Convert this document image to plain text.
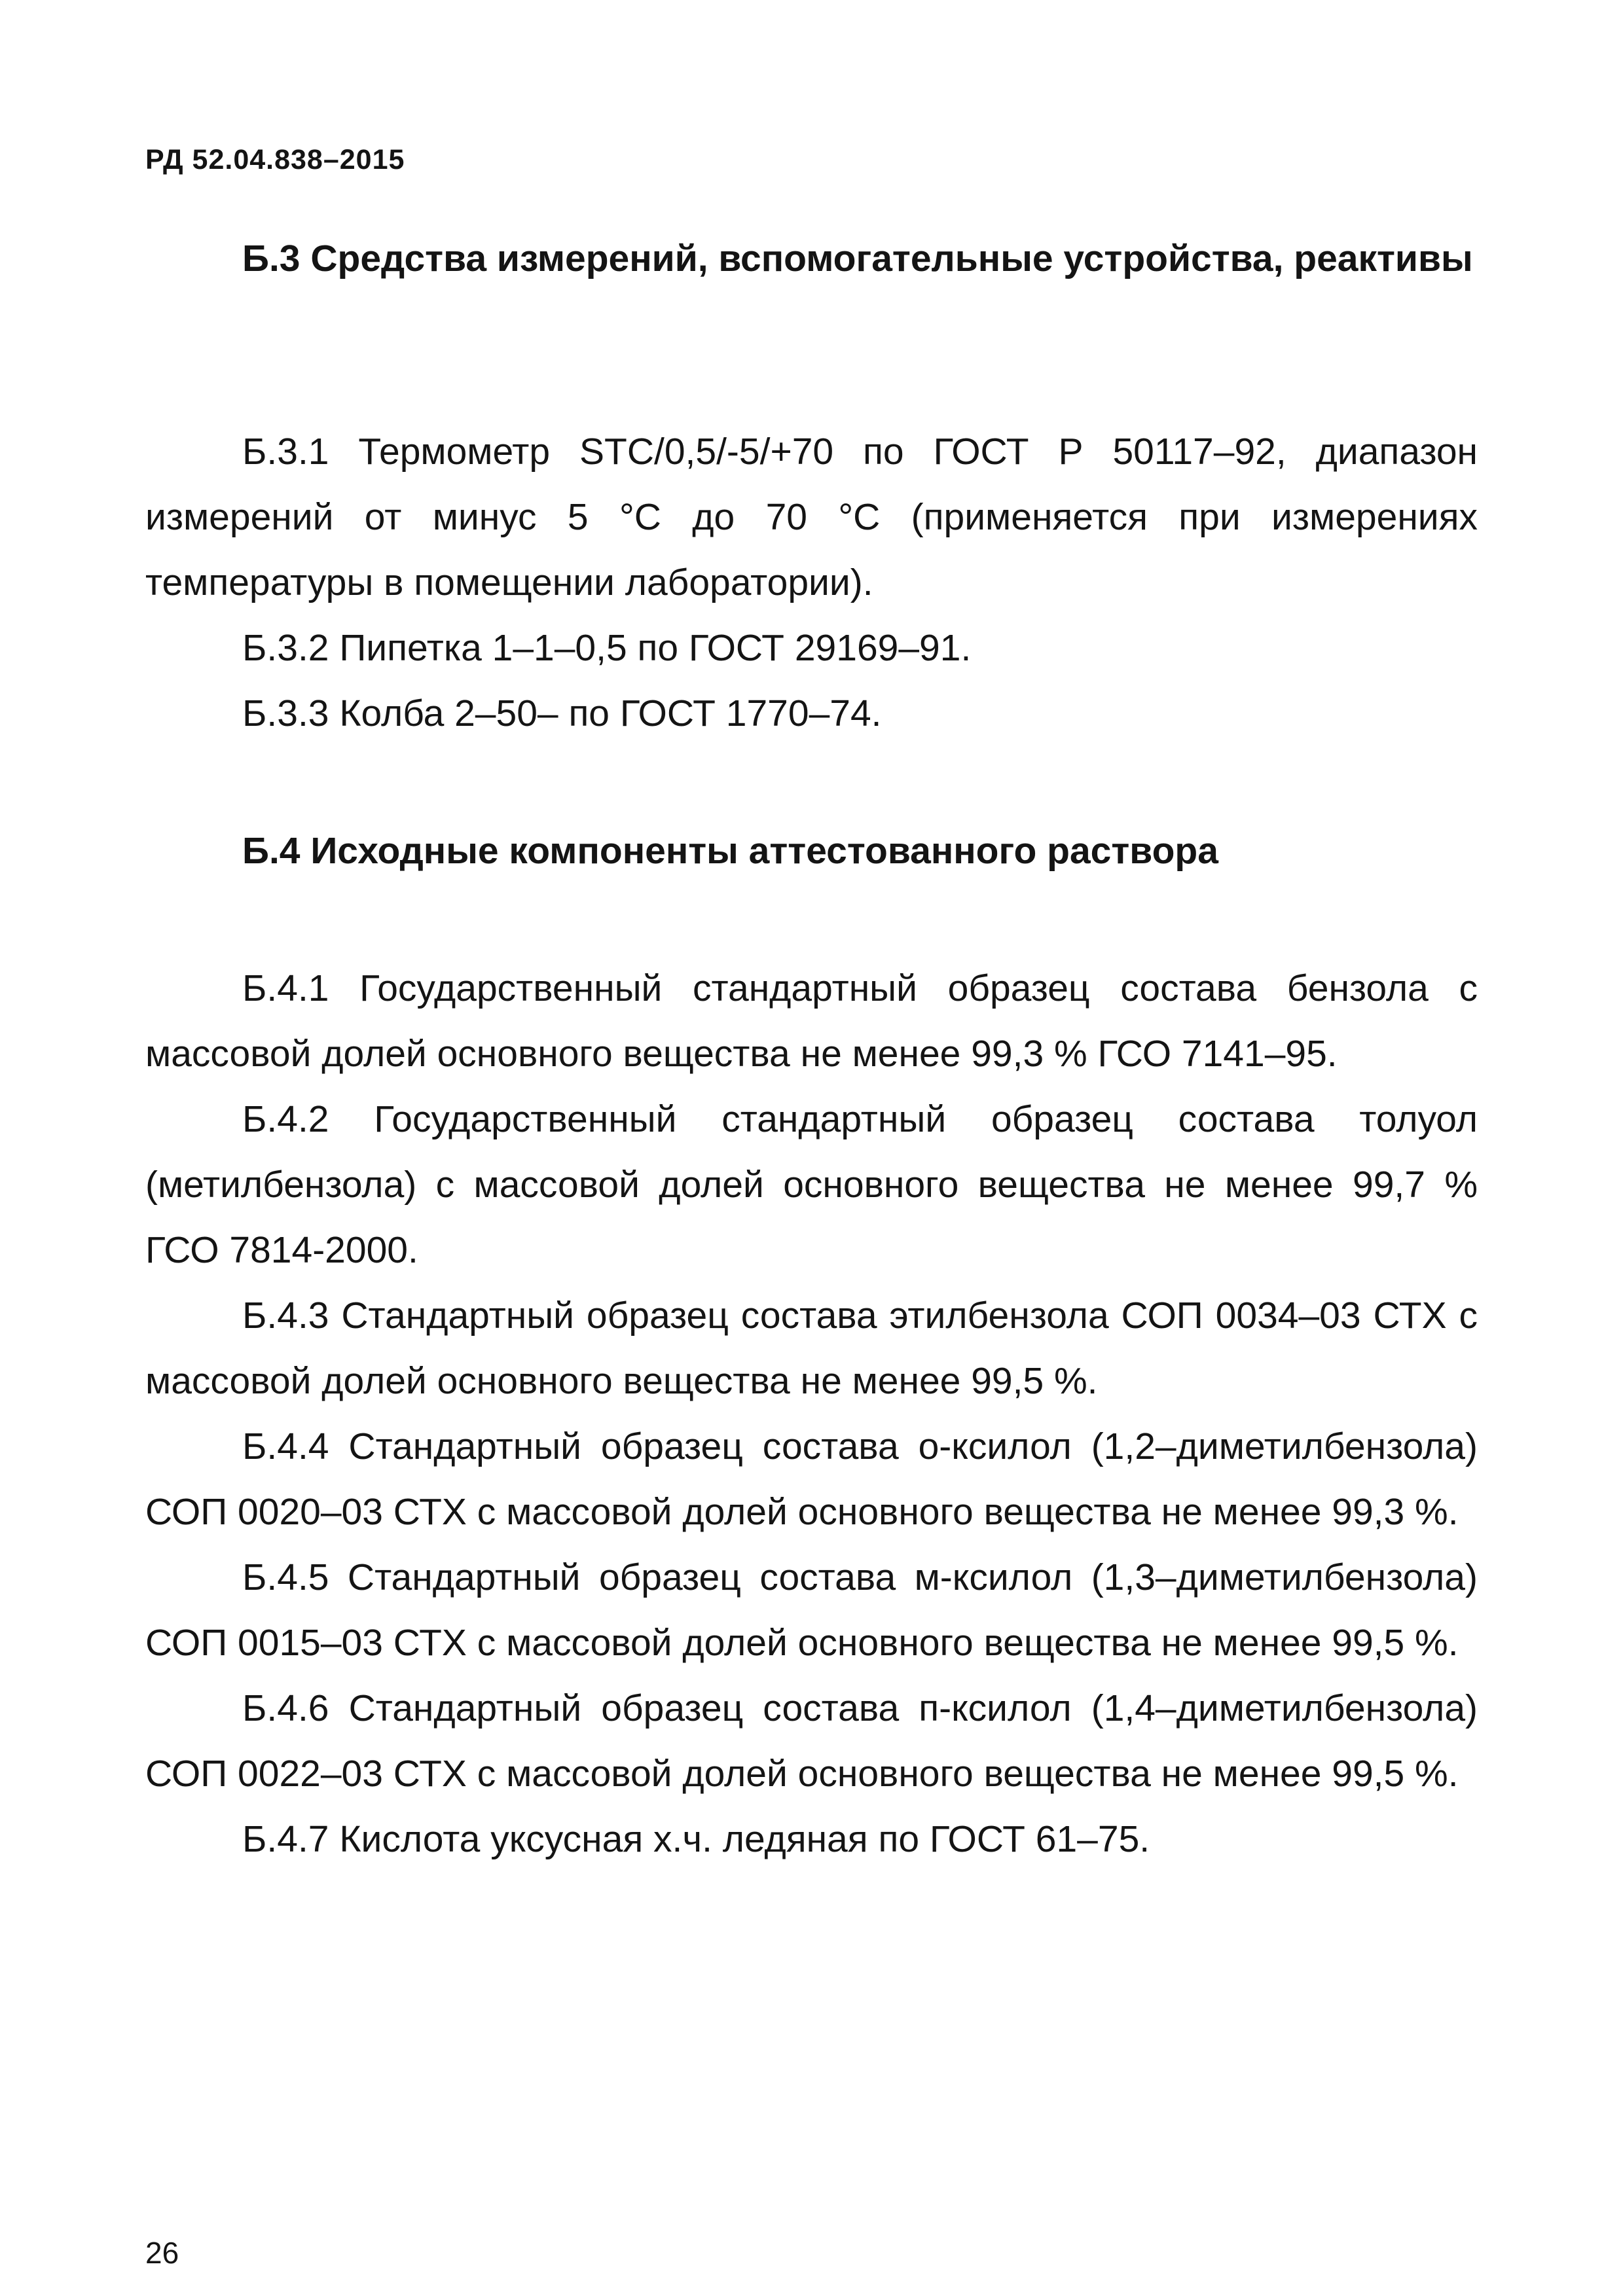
РД 52.04.838–2015

Б.3 Средства измерений, вспомогательные устройства, реактивы

Б.3.1 Термометр STC/0,5/-5/+70 по ГОСТ Р 50117–92, диапазон измерений от минус 5 °С до 70 °С (применяется при измерениях температуры в помещении лаборатории).

Б.3.2 Пипетка 1–1–0,5 по ГОСТ 29169–91.

Б.3.3 Колба 2–50– по ГОСТ 1770–74.

Б.4 Исходные компоненты аттестованного раствора

Б.4.1 Государственный стандартный образец состава бензола с массовой долей основного вещества не менее 99,3 % ГСО 7141–95.

Б.4.2 Государственный стандартный образец состава толуол (метилбензола) с массовой долей основного вещества не менее 99,7 % ГСО 7814-2000.

Б.4.3 Стандартный образец состава этилбензола СОП 0034–03 СТХ с массовой долей основного вещества не менее 99,5 %.

Б.4.4 Стандартный образец состава о-ксилол (1,2–диметилбензола) СОП 0020–03 СТХ с массовой долей основного вещества не менее 99,3 %.

Б.4.5 Стандартный образец состава м-ксилол (1,3–диметилбензола) СОП 0015–03 СТХ с массовой долей основного вещества не менее 99,5 %.

Б.4.6 Стандартный образец состава п-ксилол (1,4–диметилбензола) СОП 0022–03 СТХ с массовой долей основного вещества не менее 99,5 %.

Б.4.7 Кислота уксусная х.ч. ледяная по ГОСТ 61–75.

26
